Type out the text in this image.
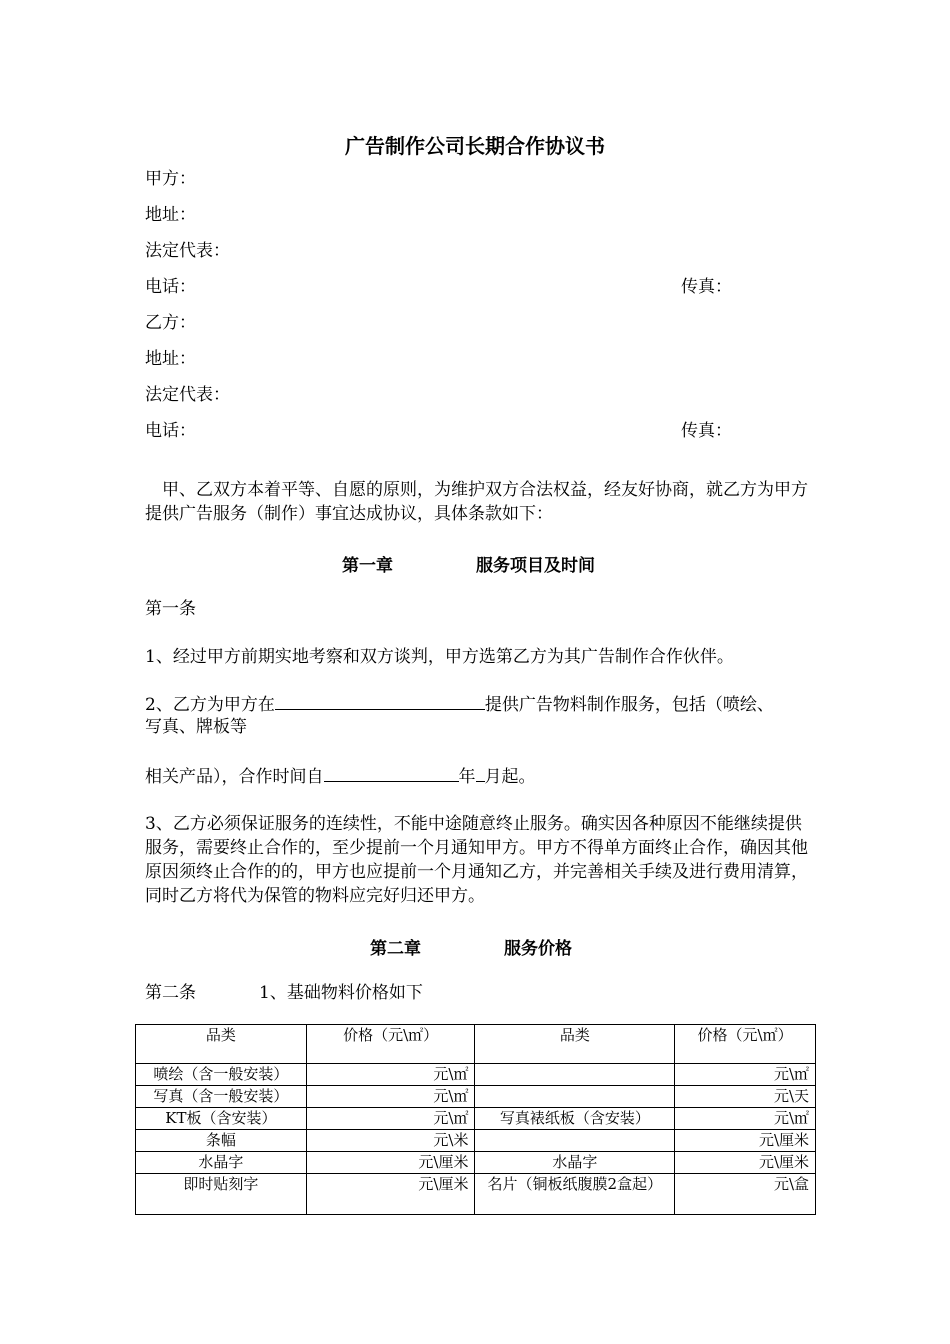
广告制作公司长期合作协议书
甲方：
地址：
法定代表：
电话：	传真：
乙方：
地址：
法定代表：
电话：	传真：
甲、乙双方本着平等、自愿的原则，为维护双方合法权益，经友好协商，就乙方为甲方提供广告服务（制作）事宜达成协议，具体条款如下：
第一章	服务项目及时间
第一条
1、经过甲方前期实地考察和双方谈判，甲方选第乙方为其广告制作合作伙伴。
2、乙方为甲方在	提供广告物料制作服务，包括（喷绘、
写真、牌板等
相关产品），合作时间自	年 月起。
3、乙方必须保证服务的连续性，不能中途随意终止服务。确实因各种原因不能继续提供服务，需要终止合作的，至少提前一个月通知甲方。甲方不得单方面终止合作，确因其他原因须终止合作的的，甲方也应提前一个月通知乙方，并完善相关手续及进行费用清算，同时乙方将代为保管的物料应完好归还甲方。
第二章	服务价格
第二条	1、基础物料价格如下
品类	价格（元\㎡）	品类	价格（元\㎡）
喷绘（含一般安装）	元\㎡		元\㎡
写真（含一般安装）	元\㎡		元\天
KT板（含安装）	元\㎡	写真裱纸板（含安装）	元\㎡
条幅	元\米		元\厘米
水晶字	元\厘米	水晶字	元\厘米
即时贴刻字	元\厘米	名片（铜板纸腹膜2盒起）	元\盒
